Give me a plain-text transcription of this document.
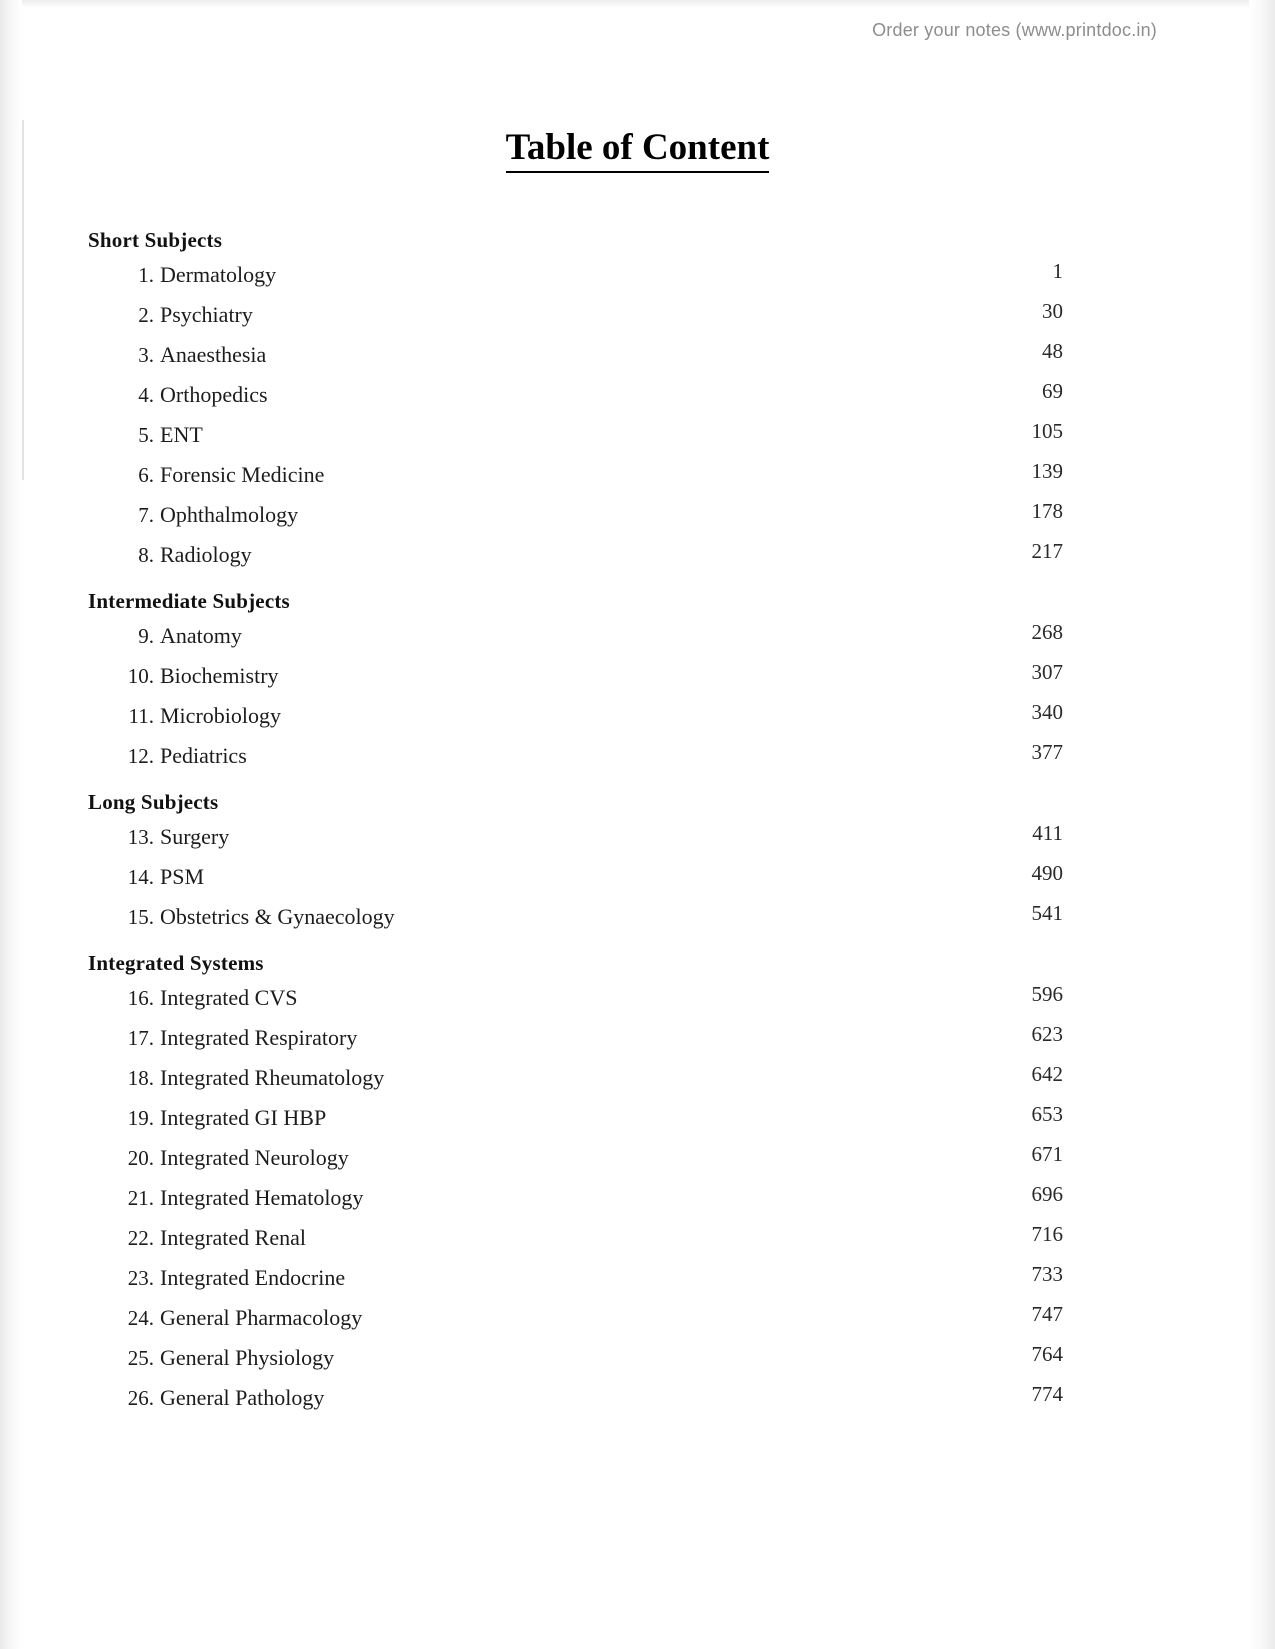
Order your notes (www.printdoc.in)
Table of Content
Short Subjects
1. Dermatology	1
2. Psychiatry	30
3. Anaesthesia	48
4. Orthopedics	69
5. ENT	105
6. Forensic Medicine	139
7. Ophthalmology	178
8. Radiology	217
Intermediate Subjects
9. Anatomy	268
10. Biochemistry	307
11. Microbiology	340
12. Pediatrics	377
Long Subjects
13. Surgery	411
14. PSM	490
15. Obstetrics & Gynaecology	541
Integrated Systems
16. Integrated CVS	596
17. Integrated Respiratory	623
18. Integrated Rheumatology	642
19. Integrated GI HBP	653
20. Integrated Neurology	671
21. Integrated Hematology	696
22. Integrated Renal	716
23. Integrated Endocrine	733
24. General Pharmacology	747
25. General Physiology	764
26. General Pathology	774
